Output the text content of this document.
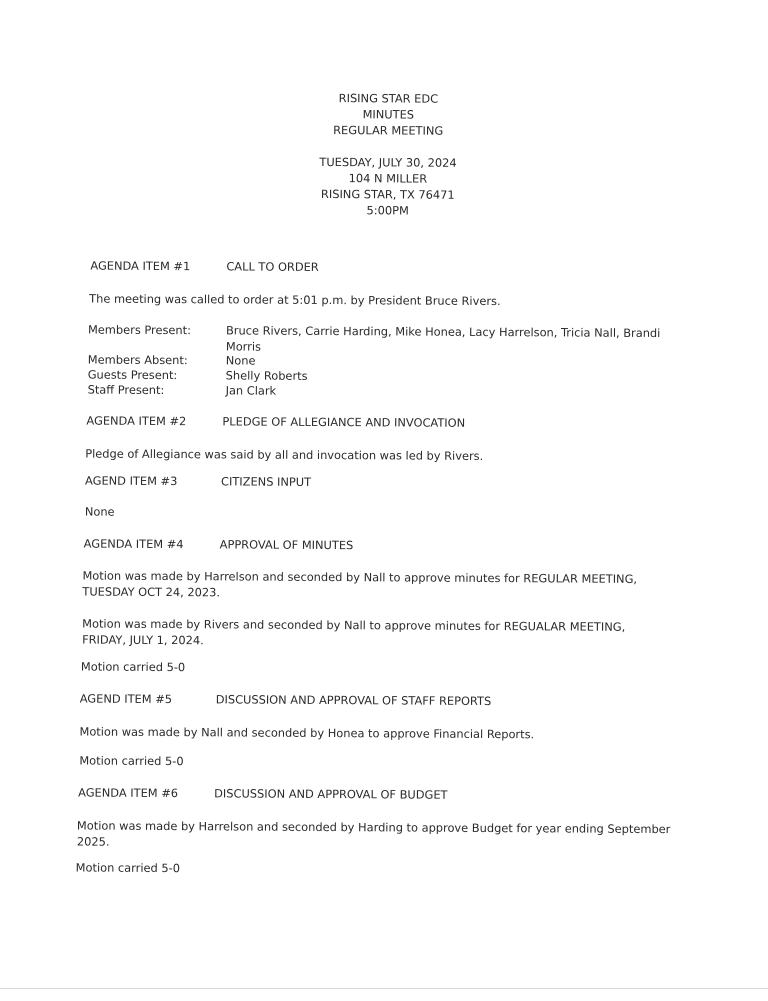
RISING STAR EDC
MINUTES
REGULAR MEETING
TUESDAY, JULY 30, 2024
104 N MILLER
RISING STAR, TX 76471
5:00PM
AGENDA ITEM #1	CALL TO ORDER
The meeting was called to order at 5:01 p.m. by President Bruce Rivers.
Members Present:	Bruce Rivers, Carrie Harding, Mike Honea, Lacy Harrelson, Tricia Nall, Brandi
Morris
Members Absent:	None
Guests Present:	Shelly Roberts
Staff Present:	Jan Clark
AGENDA ITEM #2	PLEDGE OF ALLEGIANCE AND INVOCATION
Pledge of Allegiance was said by all and invocation was led by Rivers.
AGEND ITEM #3	CITIZENS INPUT
None
AGENDA ITEM #4	APPROVAL OF MINUTES
Motion was made by Harrelson and seconded by Nall to approve minutes for REGULAR MEETING,
TUESDAY OCT 24, 2023.
Motion was made by Rivers and seconded by Nall to approve minutes for REGUALAR MEETING,
FRIDAY, JULY 1, 2024.
Motion carried 5-0
AGEND ITEM #5	DISCUSSION AND APPROVAL OF STAFF REPORTS
Motion was made by Nall and seconded by Honea to approve Financial Reports.
Motion carried 5-0
AGENDA ITEM #6	DISCUSSION AND APPROVAL OF BUDGET
Motion was made by Harrelson and seconded by Harding to approve Budget for year ending September
2025.
Motion carried 5-0
